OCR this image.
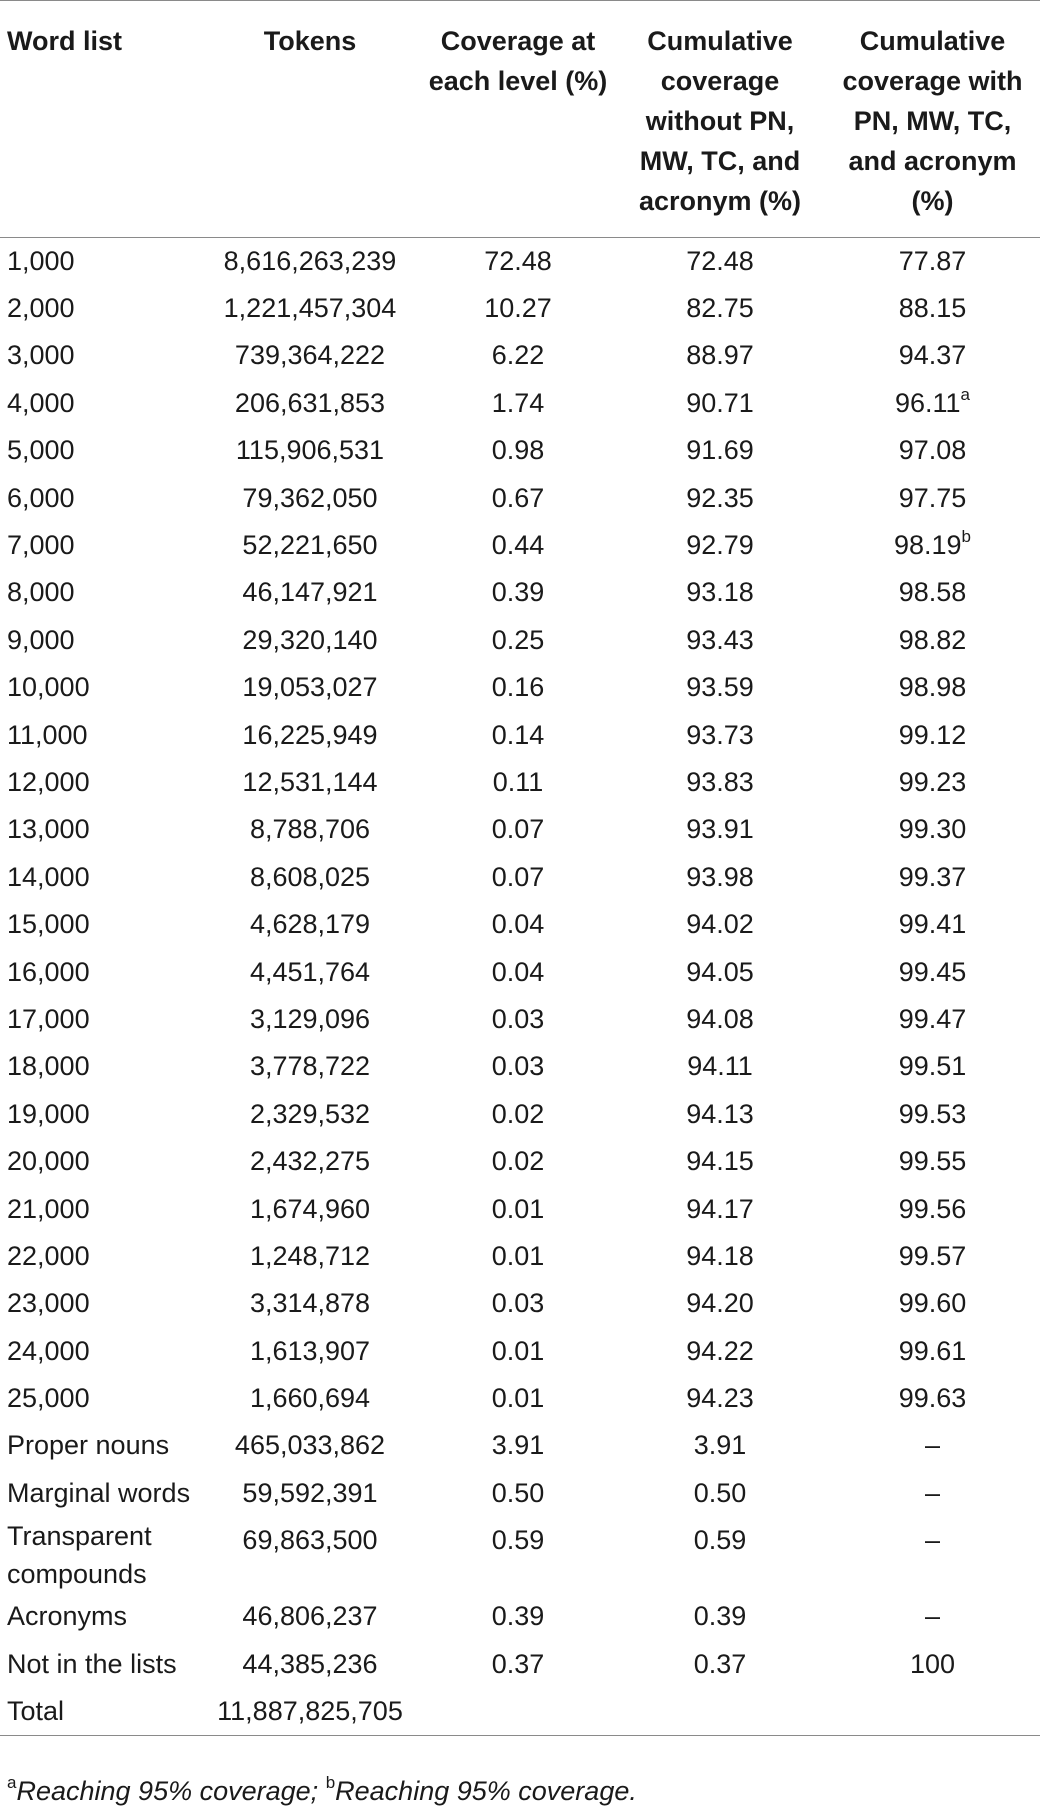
Word list	Tokens	Coverage at each level (%)	Cumulative coverage without PN, MW, TC, and acronym (%)	Cumulative coverage with PN, MW, TC, and acronym (%)
1,000	8,616,263,239	72.48	72.48	77.87
2,000	1,221,457,304	10.27	82.75	88.15
3,000	739,364,222	6.22	88.97	94.37
4,000	206,631,853	1.74	90.71	96.11$^a$
5,000	115,906,531	0.98	91.69	97.08
6,000	79,362,050	0.67	92.35	97.75
7,000	52,221,650	0.44	92.79	98.19$^b$
8,000	46,147,921	0.39	93.18	98.58
9,000	29,320,140	0.25	93.43	98.82
10,000	19,053,027	0.16	93.59	98.98
11,000	16,225,949	0.14	93.73	99.12
12,000	12,531,144	0.11	93.83	99.23
13,000	8,788,706	0.07	93.91	99.30
14,000	8,608,025	0.07	93.98	99.37
15,000	4,628,179	0.04	94.02	99.41
16,000	4,451,764	0.04	94.05	99.45
17,000	3,129,096	0.03	94.08	99.47
18,000	3,778,722	0.03	94.11	99.51
19,000	2,329,532	0.02	94.13	99.53
20,000	2,432,275	0.02	94.15	99.55
21,000	1,674,960	0.01	94.17	99.56
22,000	1,248,712	0.01	94.18	99.57
23,000	3,314,878	0.03	94.20	99.60
24,000	1,613,907	0.01	94.22	99.61
25,000	1,660,694	0.01	94.23	99.63
Proper nouns	465,033,862	3.91	3.91	–
Marginal words	59,592,391	0.50	0.50	–
Transparent compounds	69,863,500	0.59	0.59	–
Acronyms	46,806,237	0.39	0.39	–
Not in the lists	44,385,236	0.37	0.37	100
Total	11,887,825,705			
$^a$Reaching 95% coverage; $^b$Reaching 95% coverage.
